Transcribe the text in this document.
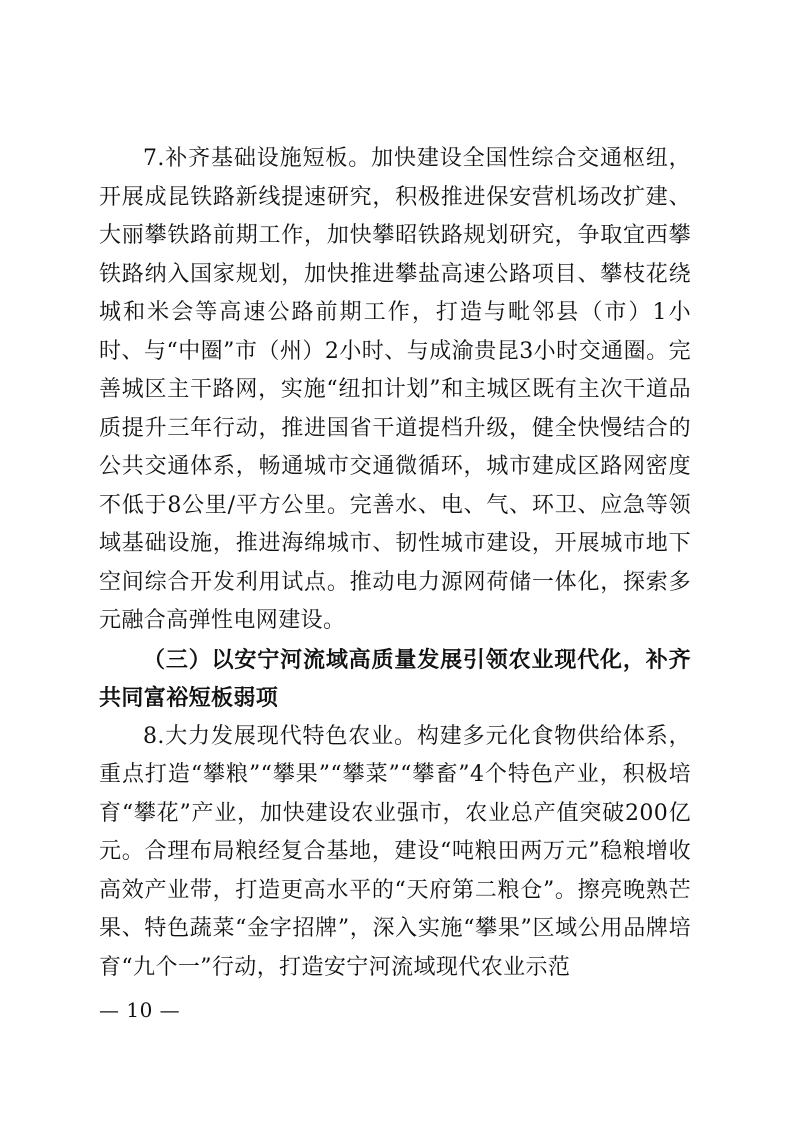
7.补齐基础设施短板。加快建设全国性综合交通枢纽，开展成昆铁路新线提速研究，积极推进保安营机场改扩建、大丽攀铁路前期工作，加快攀昭铁路规划研究，争取宜西攀铁路纳入国家规划，加快推进攀盐高速公路项目、攀枝花绕城和米会等高速公路前期工作，打造与毗邻县（市）1小时、与“中圈”市（州）2小时、与成渝贵昆3小时交通圈。完善城区主干路网，实施“纽扣计划”和主城区既有主次干道品质提升三年行动，推进国省干道提档升级，健全快慢结合的公共交通体系，畅通城市交通微循环，城市建成区路网密度不低于8公里/平方公里。完善水、电、气、环卫、应急等领域基础设施，推进海绵城市、韧性城市建设，开展城市地下空间综合开发利用试点。推动电力源网荷储一体化，探索多元融合高弹性电网建设。

（三）以安宁河流域高质量发展引领农业现代化，补齐共同富裕短板弱项

8.大力发展现代特色农业。构建多元化食物供给体系，重点打造“攀粮”“攀果”“攀菜”“攀畜”4个特色产业，积极培育“攀花”产业，加快建设农业强市，农业总产值突破200亿元。合理布局粮经复合基地，建设“吨粮田两万元”稳粮增收高效产业带，打造更高水平的“天府第二粮仓”。擦亮晚熟芒果、特色蔬菜“金字招牌”，深入实施“攀果”区域公用品牌培育“九个一”行动，打造安宁河流域现代农业示范

— 10 —
